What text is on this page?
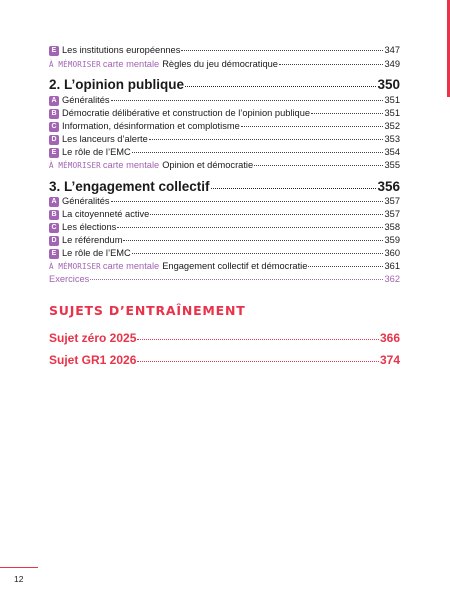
E Les institutions européennes	347
À MÉMORISER carte mentale Règles du jeu démocratique	349
2. L’opinion publique	350
A Généralités	351
B Démocratie délibérative et construction de l’opinion publique	351
C Information, désinformation et complotisme	352
D Les lanceurs d’alerte	353
E Le rôle de l’EMC	354
À MÉMORISER carte mentale Opinion et démocratie	355
3. L’engagement collectif	356
A Généralités	357
B La citoyenneté active	357
C Les élections	358
D Le référendum	359
E Le rôle de l’EMC	360
À MÉMORISER carte mentale Engagement collectif et démocratie	361
Exercices	362
Sujet zéro 2025	366
Sujet GR1 2026	374
SUJETS D’ENTRAÎNEMENT
12
